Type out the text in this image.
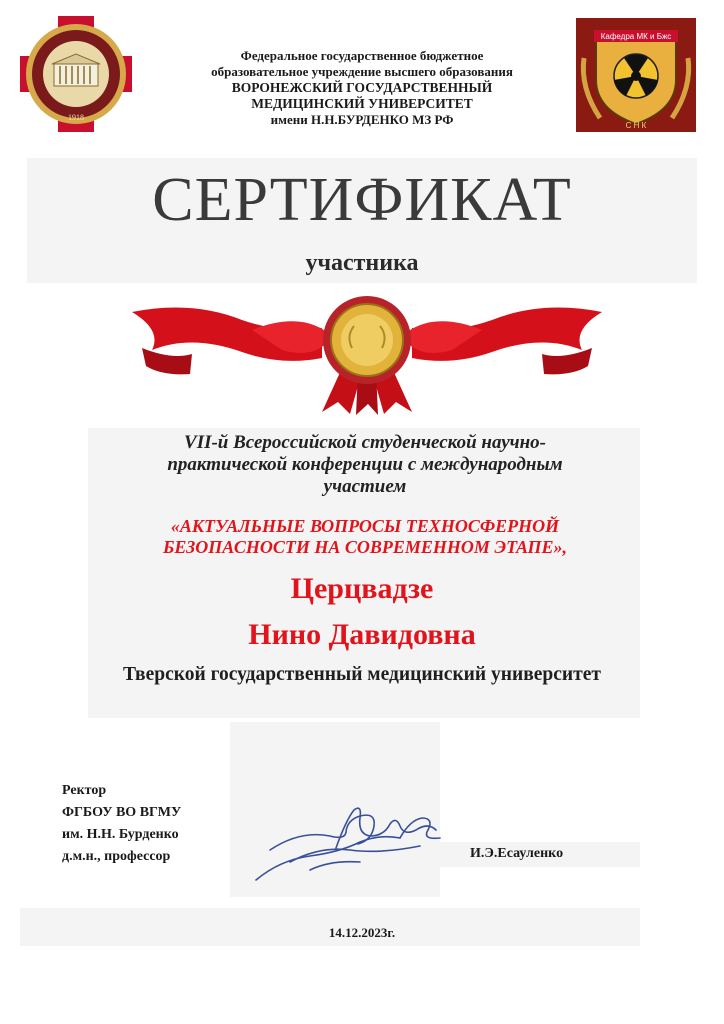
1918
Кафедра МК и Бжс
С Н К
Федеральное государственное бюджетное
образовательное учреждение высшего образования
ВОРОНЕЖСКИЙ ГОСУДАРСТВЕННЫЙ
МЕДИЦИНСКИЙ УНИВЕРСИТЕТ
имени Н.Н.БУРДЕНКО МЗ РФ
СЕРТИФИКАТ
участника
VII-й Всероссийской студенческой научно-
практической конференции с международным
участием
«АКТУАЛЬНЫЕ ВОПРОСЫ ТЕХНОСФЕРНОЙ
БЕЗОПАСНОСТИ НА СОВРЕМЕННОМ ЭТАПЕ»,
Церцвадзе
Нино Давидовна
Тверской государственный медицинский университет
Ректор
ФГБОУ ВО ВГМУ
им. Н.Н. Бурденко
д.м.н., профессор	И.Э.Есауленко
14.12.2023г.
